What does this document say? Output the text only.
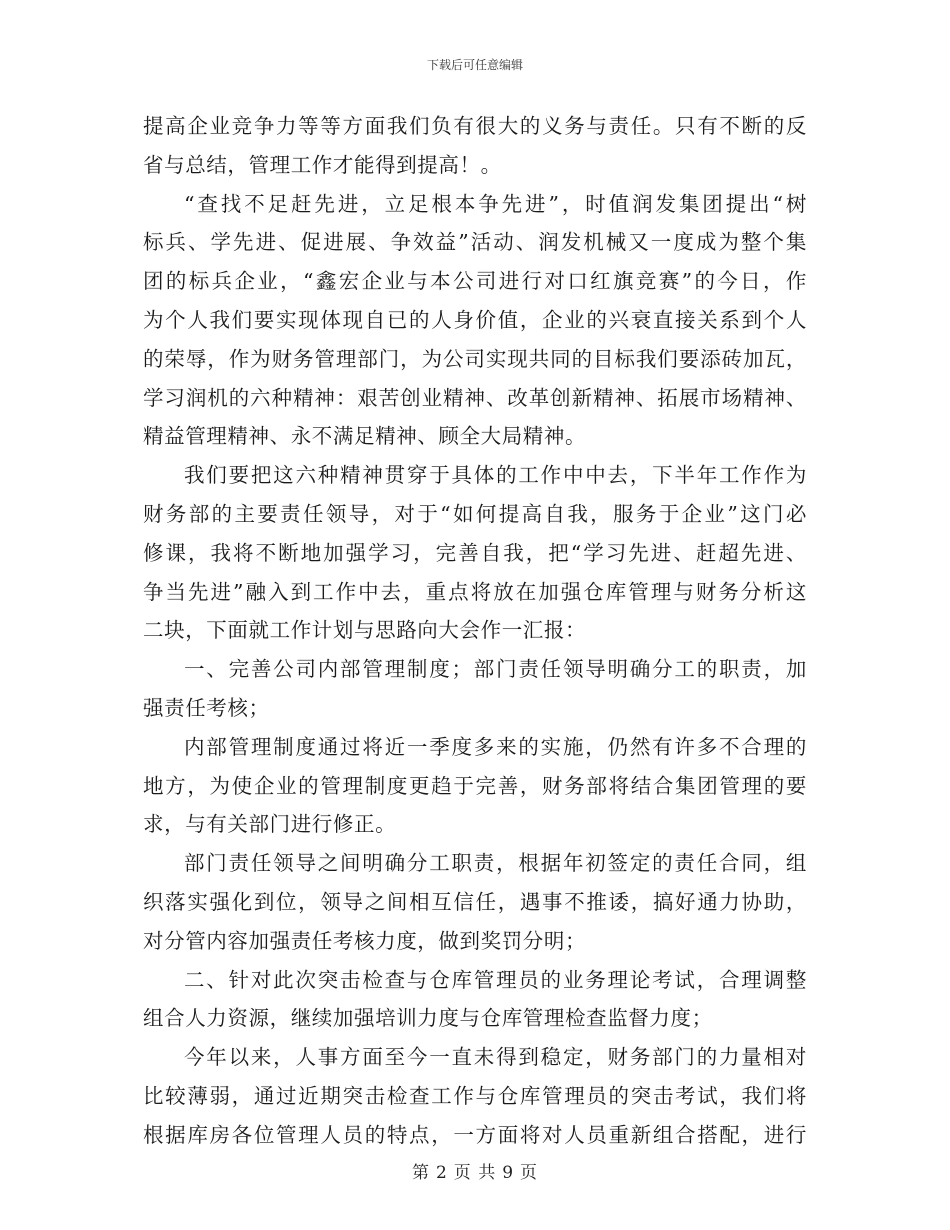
下载后可任意编辑
提高企业竞争力等等方面我们负有很大的义务与责任。只有不断的反
省与总结，管理工作才能得到提高！。
“查找不足赶先进，立足根本争先进”，时值润发集团提出“树
标兵、学先进、促进展、争效益”活动、润发机械又一度成为整个集
团的标兵企业，“鑫宏企业与本公司进行对口红旗竞赛”的今日，作
为个人我们要实现体现自已的人身价值，企业的兴衰直接关系到个人
的荣辱，作为财务管理部门，为公司实现共同的目标我们要添砖加瓦，
学习润机的六种精神：艰苦创业精神、改革创新精神、拓展市场精神、
精益管理精神、永不满足精神、顾全大局精神。
我们要把这六种精神贯穿于具体的工作中中去，下半年工作作为
财务部的主要责任领导，对于“如何提高自我，服务于企业”这门必
修课，我将不断地加强学习，完善自我，把“学习先进、赶超先进、
争当先进”融入到工作中去，重点将放在加强仓库管理与财务分析这
二块，下面就工作计划与思路向大会作一汇报：
一、完善公司内部管理制度；部门责任领导明确分工的职责，加
强责任考核；
内部管理制度通过将近一季度多来的实施，仍然有许多不合理的
地方，为使企业的管理制度更趋于完善，财务部将结合集团管理的要
求，与有关部门进行修正。
部门责任领导之间明确分工职责，根据年初签定的责任合同，组
织落实强化到位，领导之间相互信任，遇事不推诿，搞好通力协助，
对分管内容加强责任考核力度，做到奖罚分明；
二、针对此次突击检查与仓库管理员的业务理论考试，合理调整
组合人力资源，继续加强培训力度与仓库管理检查监督力度；
今年以来，人事方面至今一直未得到稳定，财务部门的力量相对
比较薄弱，通过近期突击检查工作与仓库管理员的突击考试，我们将
根据库房各位管理人员的特点，一方面将对人员重新组合搭配，进行
第 2 页 共 9 页
